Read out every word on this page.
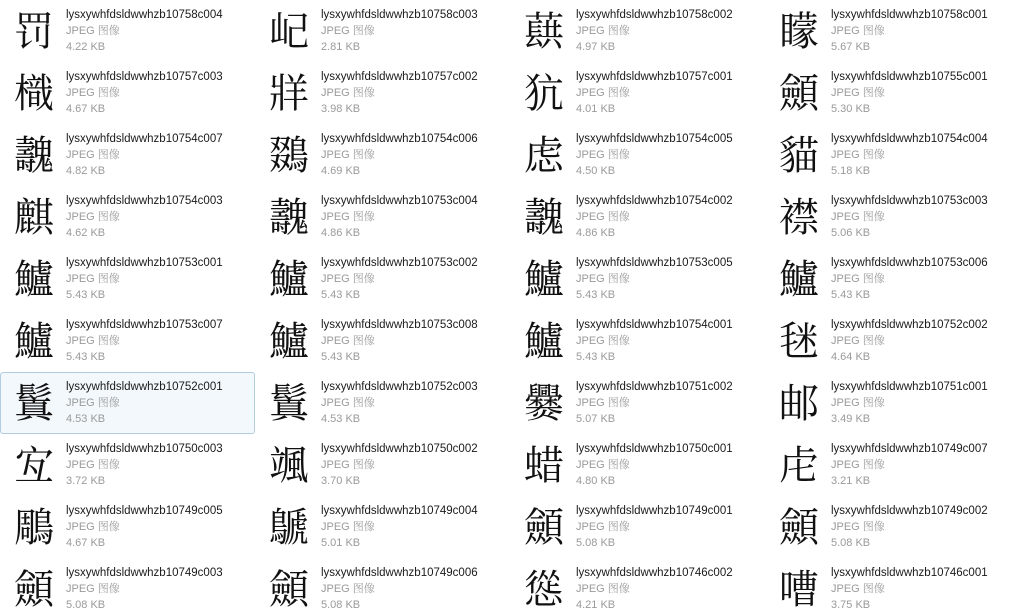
罚	lysxywhfdsldwwhzb10758c004
JPEG 图像
4.22 KB	屺	lysxywhfdsldwwhzb10758c003
JPEG 图像
2.81 KB	蕻	lysxywhfdsldwwhzb10758c002
JPEG 图像
4.97 KB	矇	lysxywhfdsldwwhzb10758c001
JPEG 图像
5.67 KB
樴	lysxywhfdsldwwhzb10757c003
JPEG 图像
4.67 KB	牂	lysxywhfdsldwwhzb10757c002
JPEG 图像
3.98 KB	犺	lysxywhfdsldwwhzb10757c001
JPEG 图像
4.01 KB	顩	lysxywhfdsldwwhzb10755c001
JPEG 图像
5.30 KB
魗	lysxywhfdsldwwhzb10754c007
JPEG 图像
4.82 KB	鵽	lysxywhfdsldwwhzb10754c006
JPEG 图像
4.69 KB	虑	lysxywhfdsldwwhzb10754c005
JPEG 图像
4.50 KB	貓	lysxywhfdsldwwhzb10754c004
JPEG 图像
5.18 KB
麒	lysxywhfdsldwwhzb10754c003
JPEG 图像
4.62 KB	魗	lysxywhfdsldwwhzb10753c004
JPEG 图像
4.86 KB	魗	lysxywhfdsldwwhzb10754c002
JPEG 图像
4.86 KB	襟	lysxywhfdsldwwhzb10753c003
JPEG 图像
5.06 KB
鱸	lysxywhfdsldwwhzb10753c001
JPEG 图像
5.43 KB	鱸	lysxywhfdsldwwhzb10753c002
JPEG 图像
5.43 KB	鱸	lysxywhfdsldwwhzb10753c005
JPEG 图像
5.43 KB	鱸	lysxywhfdsldwwhzb10753c006
JPEG 图像
5.43 KB
鱸	lysxywhfdsldwwhzb10753c007
JPEG 图像
5.43 KB	鱸	lysxywhfdsldwwhzb10753c008
JPEG 图像
5.43 KB	鱸	lysxywhfdsldwwhzb10754c001
JPEG 图像
5.43 KB	毩	lysxywhfdsldwwhzb10752c002
JPEG 图像
4.64 KB
鬒	lysxywhfdsldwwhzb10752c001
JPEG 图像
4.53 KB	鬒	lysxywhfdsldwwhzb10752c003
JPEG 图像
4.53 KB	爨	lysxywhfdsldwwhzb10751c002
JPEG 图像
5.07 KB	邮	lysxywhfdsldwwhzb10751c001
JPEG 图像
3.49 KB
宐	lysxywhfdsldwwhzb10750c003
JPEG 图像
3.72 KB	颯	lysxywhfdsldwwhzb10750c002
JPEG 图像
3.70 KB	蜡	lysxywhfdsldwwhzb10750c001
JPEG 图像
4.80 KB	虍	lysxywhfdsldwwhzb10749c007
JPEG 图像
3.21 KB
鵰	lysxywhfdsldwwhzb10749c005
JPEG 图像
4.67 KB	鷈	lysxywhfdsldwwhzb10749c004
JPEG 图像
5.01 KB	顩	lysxywhfdsldwwhzb10749c001
JPEG 图像
5.08 KB	顩	lysxywhfdsldwwhzb10749c002
JPEG 图像
5.08 KB
顩	lysxywhfdsldwwhzb10749c003
JPEG 图像
5.08 KB	顩	lysxywhfdsldwwhzb10749c006
JPEG 图像
5.08 KB	慫	lysxywhfdsldwwhzb10746c002
JPEG 图像
4.21 KB	嘈	lysxywhfdsldwwhzb10746c001
JPEG 图像
3.75 KB
